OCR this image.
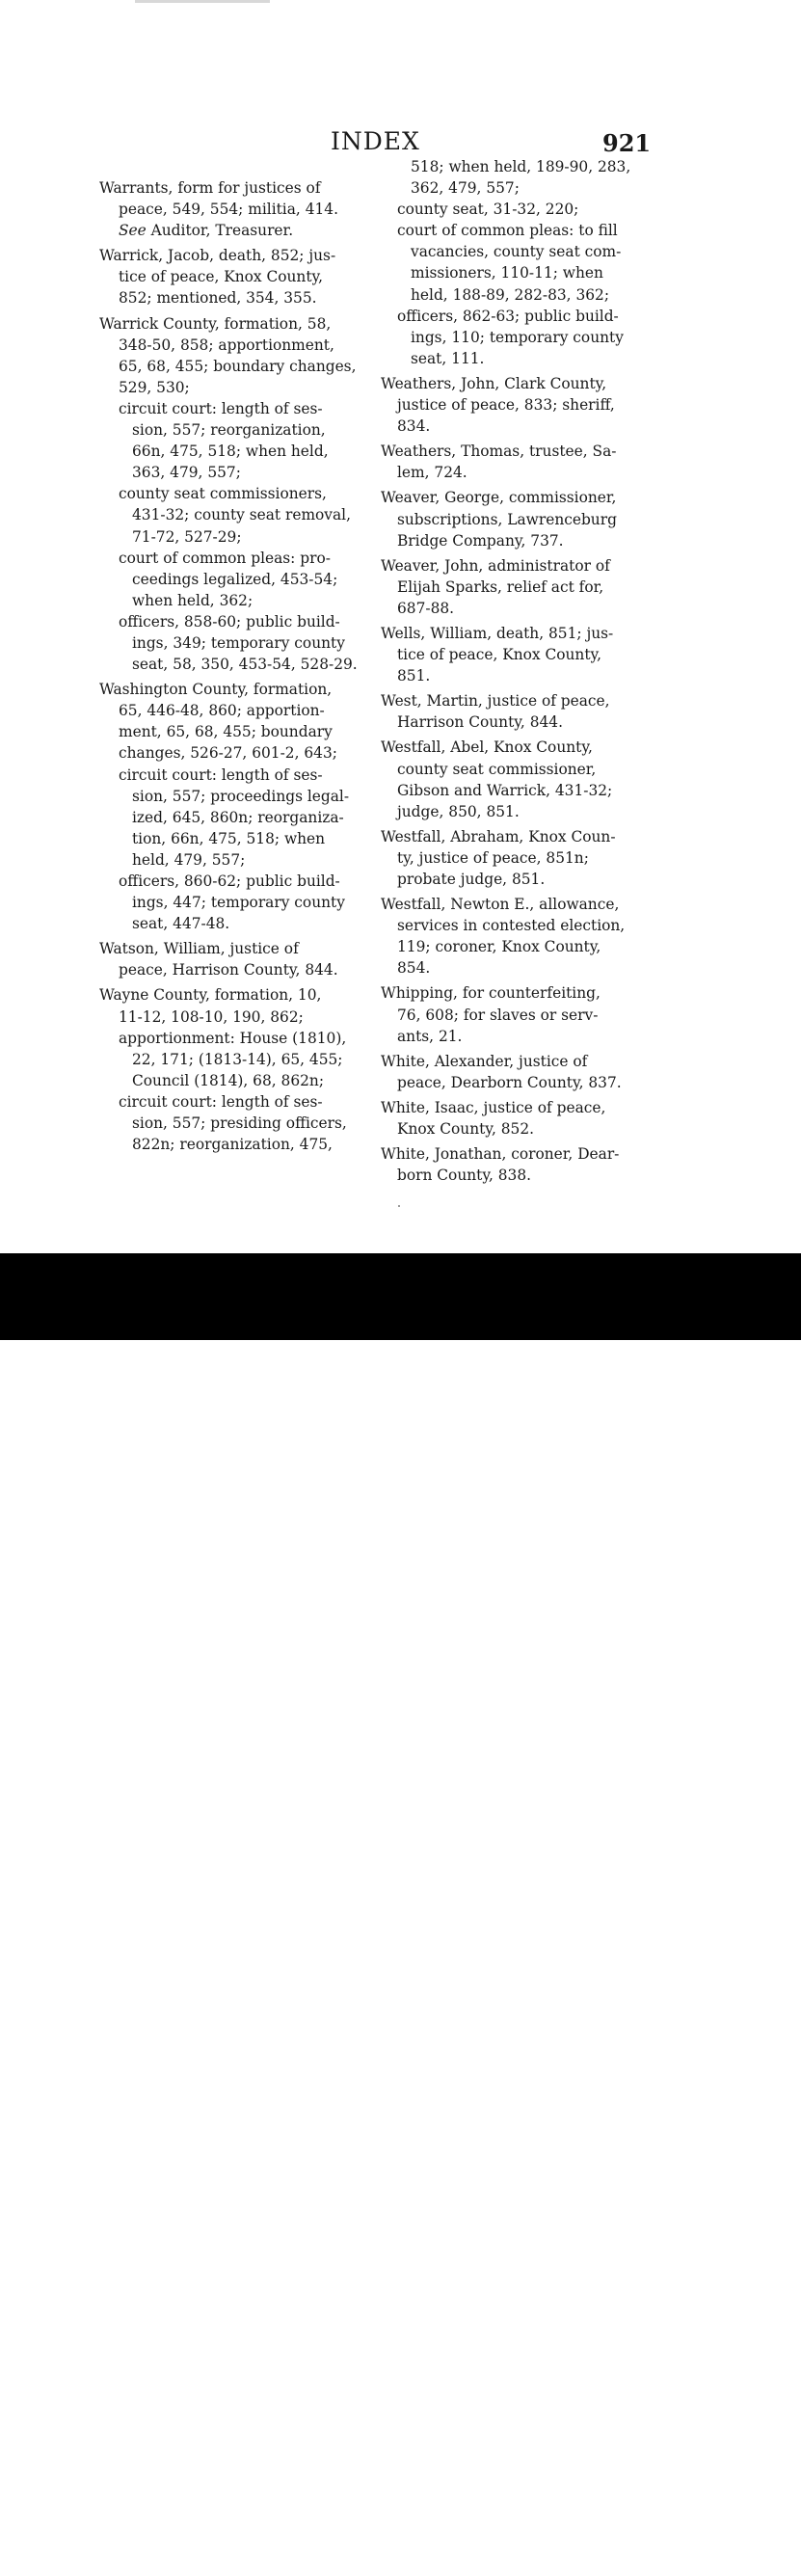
INDEX	921
Warrants, form for justices of
peace, 549, 554; militia, 414.
See Auditor, Treasurer.
Warrick, Jacob, death, 852; jus-
tice of peace, Knox County,
852; mentioned, 354, 355.
Warrick County, formation, 58,
348-50, 858; apportionment,
65, 68, 455; boundary changes,
529, 530;
circuit court: length of ses-
sion, 557; reorganization,
66n, 475, 518; when held,
363, 479, 557;
county seat commissioners,
431-32; county seat removal,
71-72, 527-29;
court of common pleas: pro-
ceedings legalized, 453-54;
when held, 362;
officers, 858-60; public build-
ings, 349; temporary county
seat, 58, 350, 453-54, 528-29.
Washington County, formation,
65, 446-48, 860; apportion-
ment, 65, 68, 455; boundary
changes, 526-27, 601-2, 643;
circuit court: length of ses-
sion, 557; proceedings legal-
ized, 645, 860n; reorganiza-
tion, 66n, 475, 518; when
held, 479, 557;
officers, 860-62; public build-
ings, 447; temporary county
seat, 447-48.
Watson, William, justice of
peace, Harrison County, 844.
Wayne County, formation, 10,
11-12, 108-10, 190, 862;
apportionment: House (1810),
22, 171; (1813-14), 65, 455;
Council (1814), 68, 862n;
circuit court: length of ses-
sion, 557; presiding officers,
822n; reorganization, 475,
518; when held, 189-90, 283,
362, 479, 557;
county seat, 31-32, 220;
court of common pleas: to fill
vacancies, county seat com-
missioners, 110-11; when
held, 188-89, 282-83, 362;
officers, 862-63; public build-
ings, 110; temporary county
seat, 111.
Weathers, John, Clark County,
justice of peace, 833; sheriff,
834.
Weathers, Thomas, trustee, Sa-
lem, 724.
Weaver, George, commissioner,
subscriptions, Lawrenceburg
Bridge Company, 737.
Weaver, John, administrator of
Elijah Sparks, relief act for,
687-88.
Wells, William, death, 851; jus-
tice of peace, Knox County,
851.
West, Martin, justice of peace,
Harrison County, 844.
Westfall, Abel, Knox County,
county seat commissioner,
Gibson and Warrick, 431-32;
judge, 850, 851.
Westfall, Abraham, Knox Coun-
ty, justice of peace, 851n;
probate judge, 851.
Westfall, Newton E., allowance,
services in contested election,
119; coroner, Knox County,
854.
Whipping, for counterfeiting,
76, 608; for slaves or serv-
ants, 21.
White, Alexander, justice of
peace, Dearborn County, 837.
White, Isaac, justice of peace,
Knox County, 852.
White, Jonathan, coroner, Dear-
born County, 838.
alamy	3BFW8T9
www.alamy.com
